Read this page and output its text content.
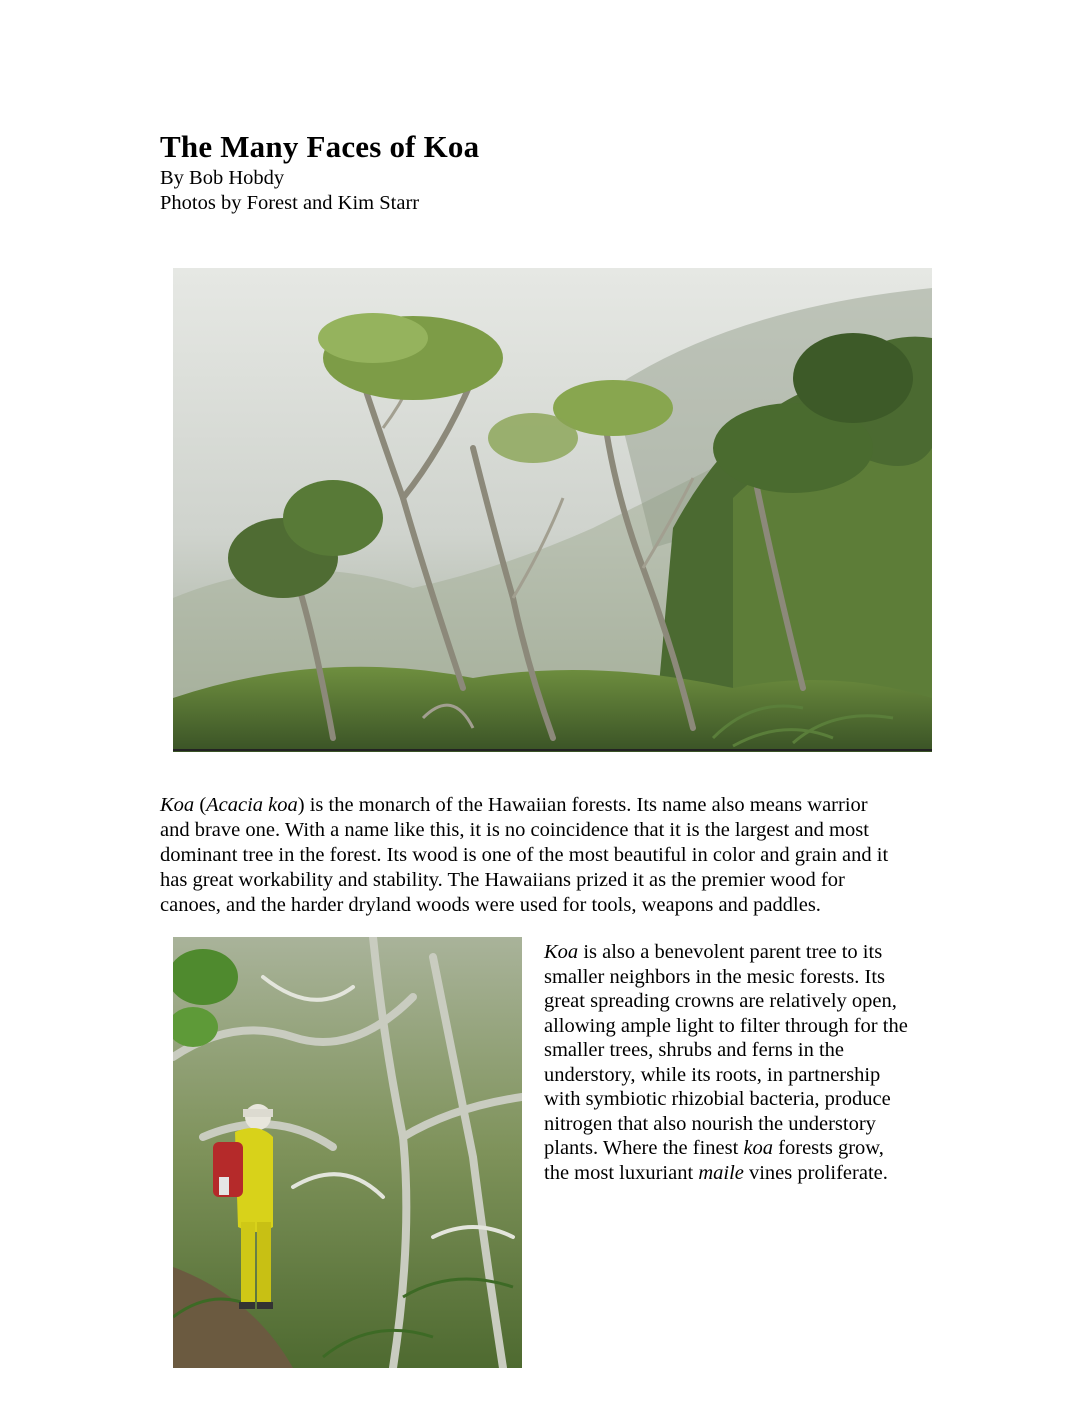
The Many Faces of Koa
By Bob Hobdy
Photos by Forest and Kim Starr

Koa (Acacia koa) is the monarch of the Hawaiian forests. Its name also means warrior
and brave one. With a name like this, it is no coincidence that it is the largest and most
dominant tree in the forest. Its wood is one of the most beautiful in color and grain and it
has great workability and stability. The Hawaiians prized it as the premier wood for
canoes, and the harder dryland woods were used for tools, weapons and paddles.

Koa is also a benevolent parent tree to its
smaller neighbors in the mesic forests. Its
great spreading crowns are relatively open,
allowing ample light to filter through for the
smaller trees, shrubs and ferns in the
understory, while its roots, in partnership
with symbiotic rhizobial bacteria, produce
nitrogen that also nourish the understory
plants. Where the finest koa forests grow,
the most luxuriant maile vines proliferate.
